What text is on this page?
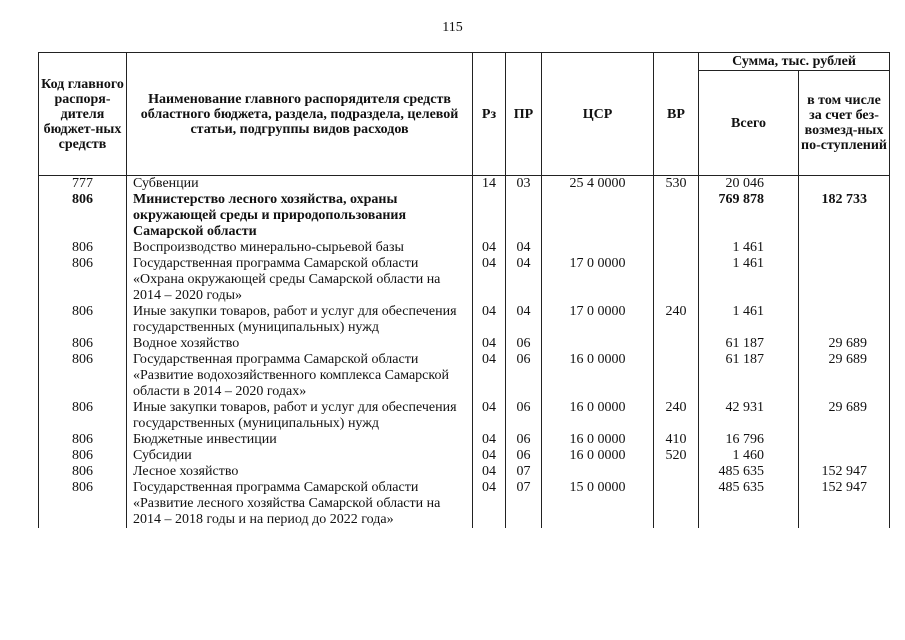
115
Код главного распоря-дителя бюджет-ных средств	Наименование главного распорядителя средств областного бюджета, раздела, подраздела, целевой статьи, подгруппы видов расходов	Рз	ПР	ЦСР	ВР	Сумма, тыс. рублей	
						Всего	в том числе за счет без-возмезд-ных по-ступлений
777	Субвенции	14	03	25 4 0000	530	20 046	
806	Министерство лесного хозяйства, охраны окружающей среды и природопользования Самарской области					769 878	182 733
806	Воспроизводство минерально-сырьевой базы	04	04			1 461	
806	Государственная программа Самарской области «Охрана окружающей среды Самарской области на 2014 – 2020 годы»	04	04	17 0 0000		1 461	
806	Иные закупки товаров, работ и услуг для обеспечения государственных (муниципальных) нужд	04	04	17 0 0000	240	1 461	
806	Водное хозяйство	04	06			61 187	29 689
806	Государственная программа Самарской области «Развитие водохозяйственного комплекса Самарской области в 2014 – 2020 годах»	04	06	16 0 0000		61 187	29 689
806	Иные закупки товаров, работ и услуг для обеспечения государственных (муниципальных) нужд	04	06	16 0 0000	240	42 931	29 689
806	Бюджетные инвестиции	04	06	16 0 0000	410	16 796	
806	Субсидии	04	06	16 0 0000	520	1 460	
806	Лесное хозяйство	04	07			485 635	152 947
806	Государственная программа Самарской области «Развитие лесного хозяйства Самарской области на 2014 – 2018 годы и на период до 2022 года»	04	07	15 0 0000		485 635	152 947
